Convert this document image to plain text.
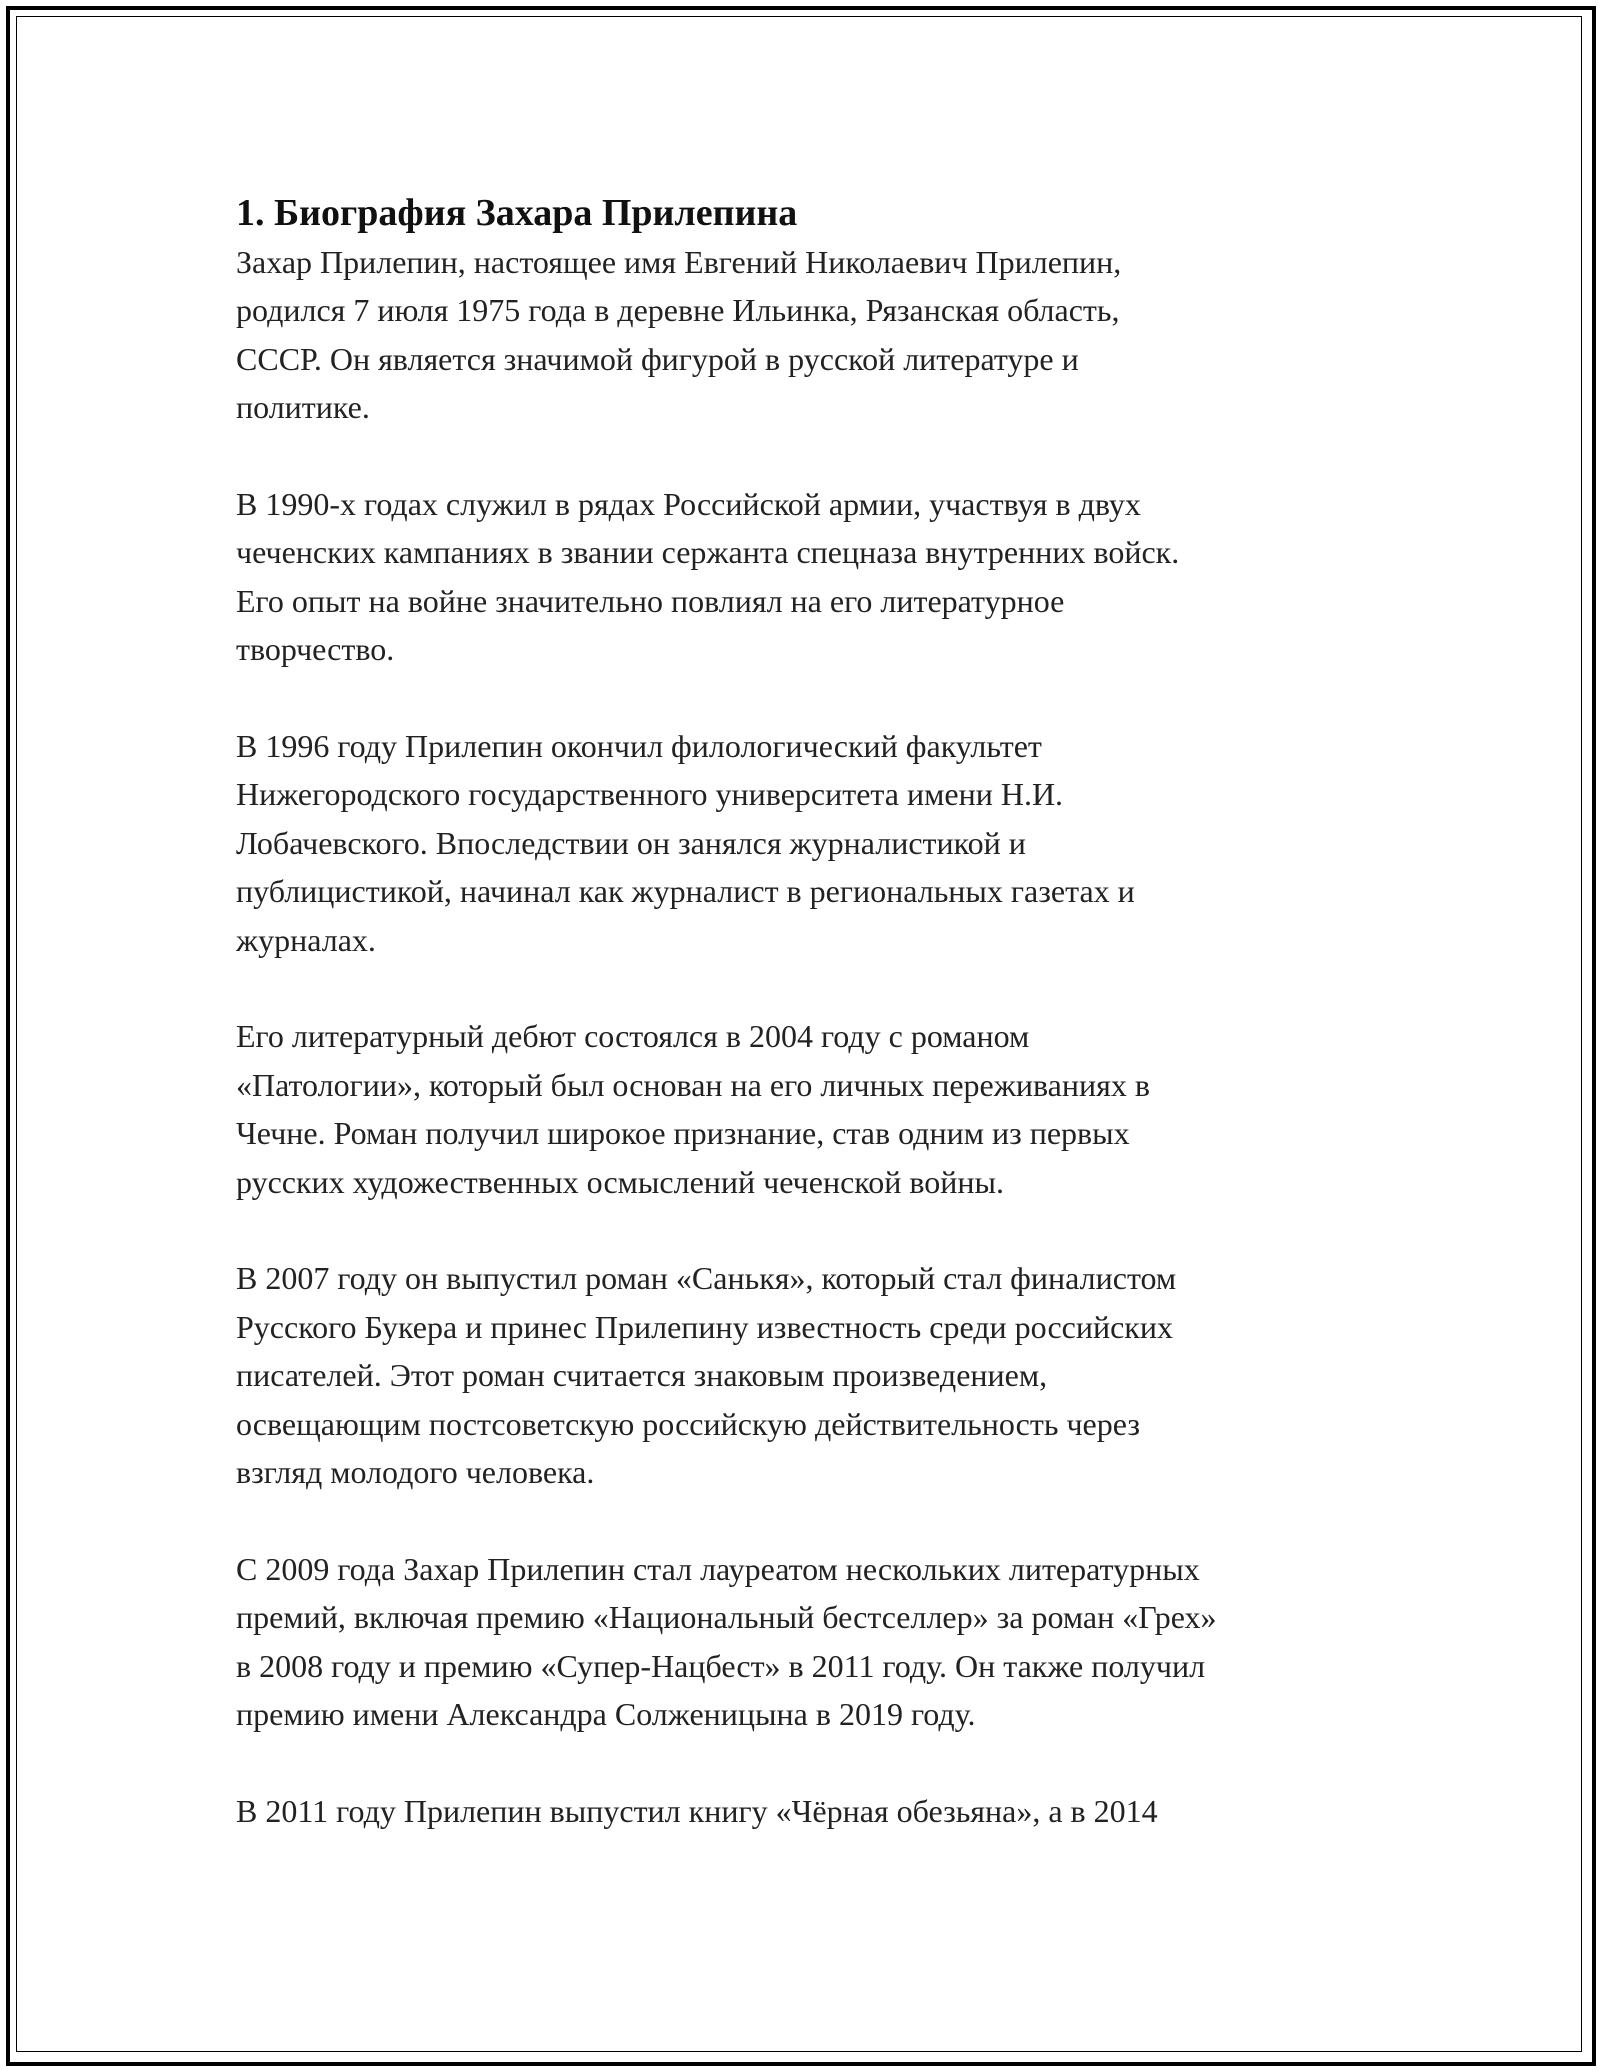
1. Биография Захара Прилепина

Захар Прилепин, настоящее имя Евгений Николаевич Прилепин,
родился 7 июля 1975 года в деревне Ильинка, Рязанская область,
СССР. Он является значимой фигурой в русской литературе и
политике.

В 1990-х годах служил в рядах Российской армии, участвуя в двух
чеченских кампаниях в звании сержанта спецназа внутренних войск.
Его опыт на войне значительно повлиял на его литературное
творчество.

В 1996 году Прилепин окончил филологический факультет
Нижегородского государственного университета имени Н.И.
Лобачевского. Впоследствии он занялся журналистикой и
публицистикой, начинал как журналист в региональных газетах и
журналах.

Его литературный дебют состоялся в 2004 году с романом
«Патологии», который был основан на его личных переживаниях в
Чечне. Роман получил широкое признание, став одним из первых
русских художественных осмыслений чеченской войны.

В 2007 году он выпустил роман «Санькя», который стал финалистом
Русского Букера и принес Прилепину известность среди российских
писателей. Этот роман считается знаковым произведением,
освещающим постсоветскую российскую действительность через
взгляд молодого человека.

С 2009 года Захар Прилепин стал лауреатом нескольких литературных
премий, включая премию «Национальный бестселлер» за роман «Грех»
в 2008 году и премию «Супер-Нацбест» в 2011 году. Он также получил
премию имени Александра Солженицына в 2019 году.

В 2011 году Прилепин выпустил книгу «Чёрная обезьяна», а в 2014
